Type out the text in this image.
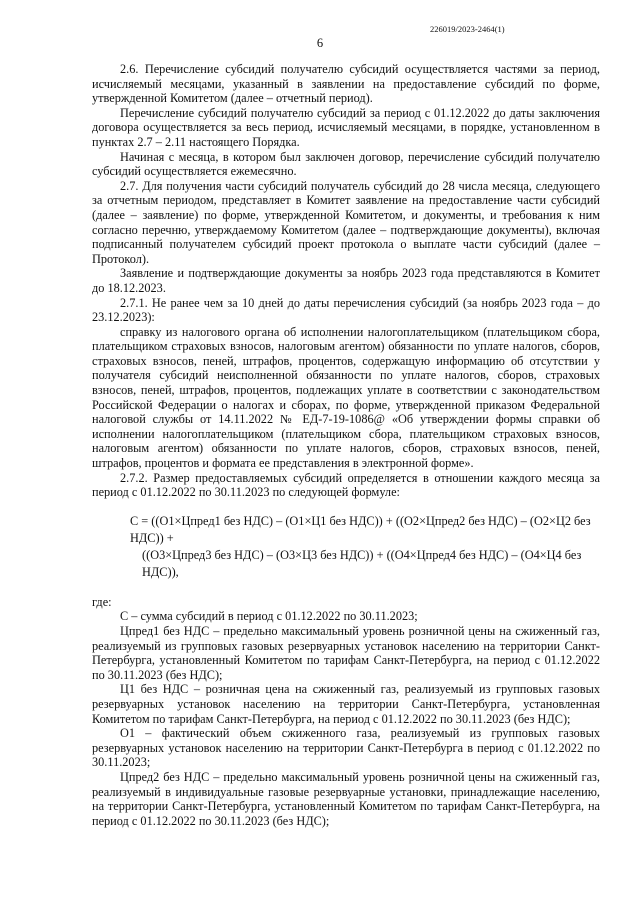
226019/2023-2464(1)
6

2.6. Перечисление субсидий получателю субсидий осуществляется частями за период, исчисляемый месяцами, указанный в заявлении на предоставление субсидий по форме, утвержденной Комитетом (далее – отчетный период).

Перечисление субсидий получателю субсидий за период с 01.12.2022 до даты заключения договора осуществляется за весь период, исчисляемый месяцами, в порядке, установленном в пунктах 2.7 – 2.11 настоящего Порядка.

Начиная с месяца, в котором был заключен договор, перечисление субсидий получателю субсидий осуществляется ежемесячно.

2.7. Для получения части субсидий получатель субсидий до 28 числа месяца, следующего за отчетным периодом, представляет в Комитет заявление на предоставление части субсидий (далее – заявление) по форме, утвержденной Комитетом, и документы, и требования к ним согласно перечню, утверждаемому Комитетом (далее – подтверждающие документы), включая подписанный получателем субсидий проект протокола о выплате части субсидий (далее – Протокол).

Заявление и подтверждающие документы за ноябрь 2023 года представляются в Комитет до 18.12.2023.

2.7.1. Не ранее чем за 10 дней до даты перечисления субсидий (за ноябрь 2023 года – до 23.12.2023):

справку из налогового органа об исполнении налогоплательщиком (плательщиком сбора, плательщиком страховых взносов, налоговым агентом) обязанности по уплате налогов, сборов, страховых взносов, пеней, штрафов, процентов, содержащую информацию об отсутствии у получателя субсидий неисполненной обязанности по уплате налогов, сборов, страховых взносов, пеней, штрафов, процентов, подлежащих уплате в соответствии с законодательством Российской Федерации о налогах и сборах, по форме, утвержденной приказом Федеральной налоговой службы от 14.11.2022 № ЕД-7-19-1086@ «Об утверждении формы справки об исполнении налогоплательщиком (плательщиком сбора, плательщиком страховых взносов, налоговым агентом) обязанности по уплате налогов, сборов, страховых взносов, пеней, штрафов, процентов и формата ее представления в электронной форме».

2.7.2. Размер предоставляемых субсидий определяется в отношении каждого месяца за период с 01.12.2022 по 30.11.2023 по следующей формуле:

С = ((О1×Цпред1 без НДС) – (О1×Ц1 без НДС)) + ((О2×Цпред2 без НДС) – (О2×Ц2 без НДС)) +
((О3×Цпред3 без НДС) – (О3×Ц3 без НДС)) + ((О4×Цпред4 без НДС) – (О4×Ц4 без НДС)),

где:

С – сумма субсидий в период с 01.12.2022 по 30.11.2023;

Цпред1 без НДС – предельно максимальный уровень розничной цены на сжиженный газ, реализуемый из групповых газовых резервуарных установок населению на территории Санкт-Петербурга, установленный Комитетом по тарифам Санкт-Петербурга, на период с 01.12.2022 по 30.11.2023 (без НДС);

Ц1 без НДС – розничная цена на сжиженный газ, реализуемый из групповых газовых резервуарных установок населению на территории Санкт-Петербурга, установленная Комитетом по тарифам Санкт-Петербурга, на период с 01.12.2022 по 30.11.2023 (без НДС);

О1 – фактический объем сжиженного газа, реализуемый из групповых газовых резервуарных установок населению на территории Санкт-Петербурга в период с 01.12.2022 по 30.11.2023;

Цпред2 без НДС – предельно максимальный уровень розничной цены на сжиженный газ, реализуемый в индивидуальные газовые резервуарные установки, принадлежащие населению, на территории Санкт-Петербурга, установленный Комитетом по тарифам Санкт-Петербурга, на период с 01.12.2022 по 30.11.2023 (без НДС);
